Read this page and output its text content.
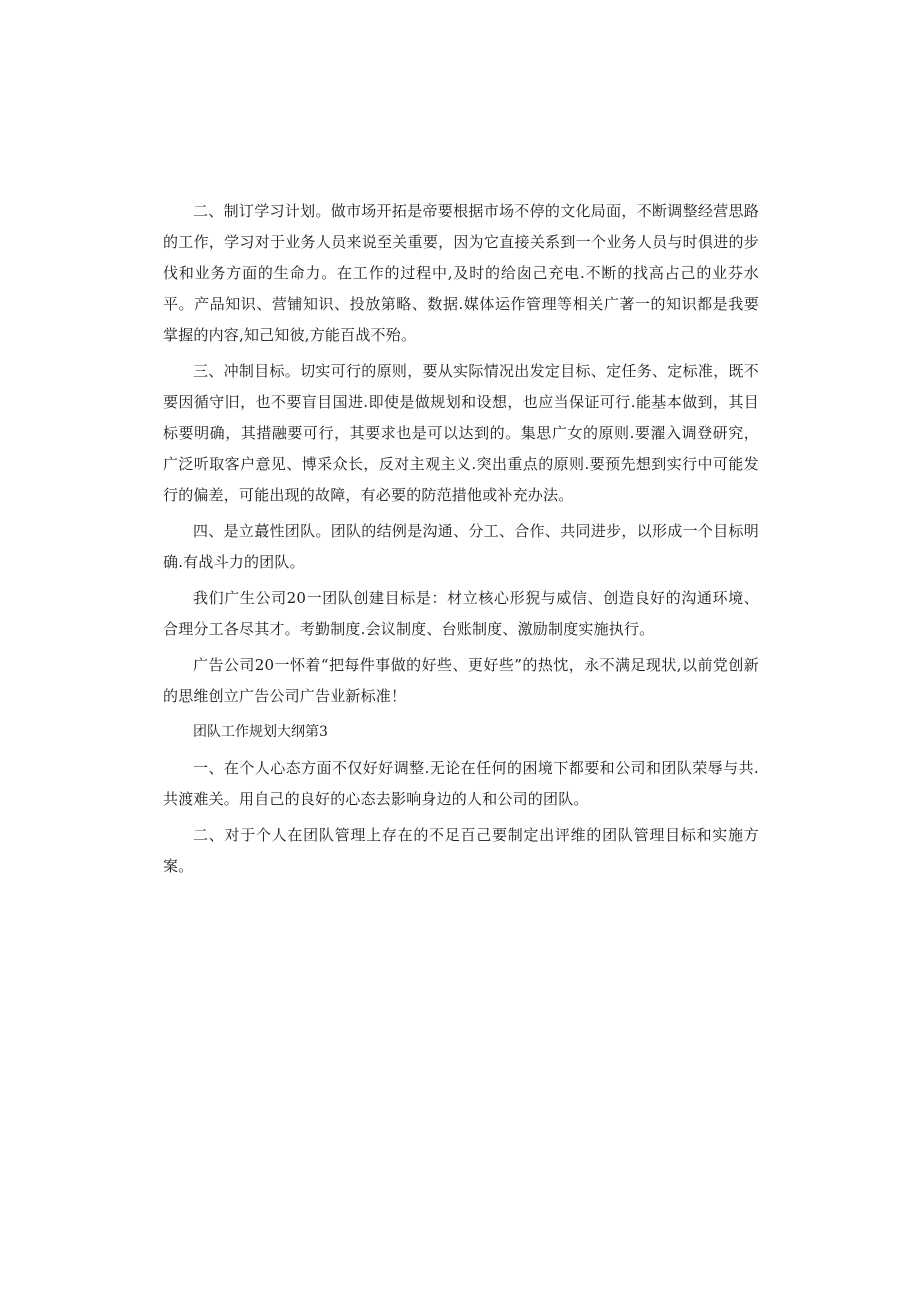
二、制订学习计划。做市场开拓是帝要根据市场不停的文化局面，不断调整经营思路的工作，学习对于业务人员来说至关重要，因为它直接关系到一个业务人员与时俱进的步伐和业务方面的生命力。在工作的过程中,及时的给囱己充电.不断的找高占己的业芬水平。产品知识、营铺知识、投放第略、数据.媒体运作管理等相关广著一的知识都是我要掌握的内容,知己知彼,方能百战不殆。

三、冲制目标。切实可行的原则，要从实际情况出发定目标、定任务、定标准，既不要因循守旧，也不要盲目国进.即使是做规划和设想，也应当保证可行.能基本做到，其目标要明确，其措融要可行，其要求也是可以达到的。集思广女的原则.要濯入调登研究，广泛听取客户意见、博采众长，反对主观主义.突出重点的原则.要预先想到实行中可能发行的偏差，可能出现的故障，有必要的防范措他或补充办法。

四、是立蕞性团队。团队的结例是沟通、分工、合作、共同进步，以形成一个目标明确.有战斗力的团队。

我们广生公司20一团队创建目标是：材立核心形猊与威信、创造良好的沟通环境、合理分工各尽其才。考勤制度.会议制度、台账制度、激励制度实施执行。

广告公司20一怀着“把每件事做的好些、更好些”的热忱，永不满足现状,以前党创新的思维创立广告公司广告业新标准！

团队工作规划大纲第3

一、在个人心态方面不仅好好调整.无论在任何的困境下都要和公司和团队荣辱与共.共渡难关。用自己的良好的心态去影响身边的人和公司的团队。

二、对于个人在团队管理上存在的不足百己要制定出评维的团队管理目标和实施方案。
